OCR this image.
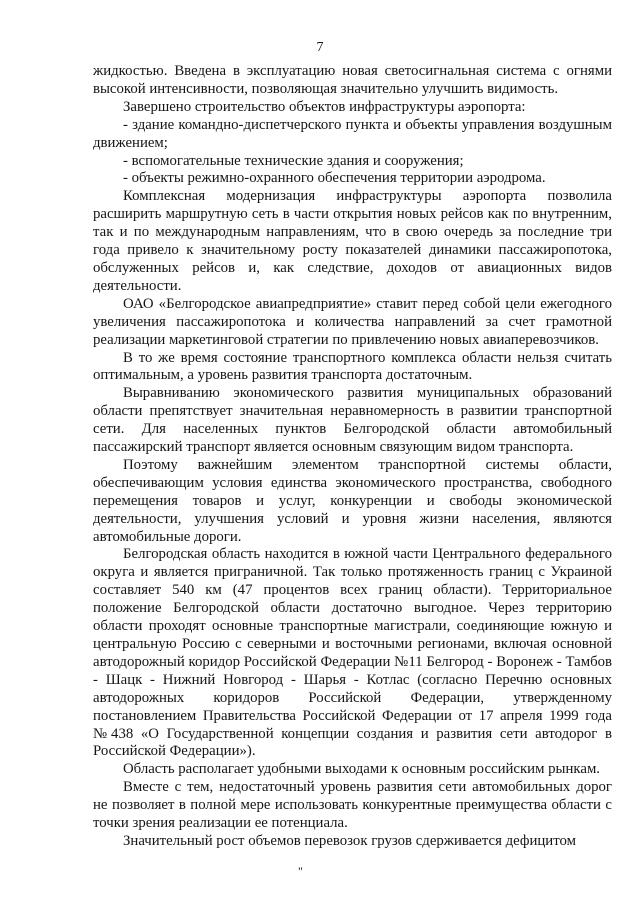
7

жидкостью. Введена в эксплуатацию новая светосигнальная система с огнями высокой интенсивности, позволяющая значительно улучшить видимость.

Завершено строительство объектов инфраструктуры аэропорта:

- здание командно-диспетчерского пункта и объекты управления воздушным движением;

- вспомогательные технические здания и сооружения;

- объекты режимно-охранного обеспечения территории аэродрома.

Комплексная модернизация инфраструктуры аэропорта позволила расширить маршрутную сеть в части открытия новых рейсов как по внутренним, так и по международным направлениям, что в свою очередь за последние три года привело к значительному росту показателей динамики пассажиропотока, обслуженных рейсов и, как следствие, доходов от авиационных видов деятельности.

ОАО «Белгородское авиапредприятие» ставит перед собой цели ежегодного увеличения пассажиропотока и количества направлений за счет грамотной реализации маркетинговой стратегии по привлечению новых авиаперевозчиков.

В то же время состояние транспортного комплекса области нельзя считать оптимальным, а уровень развития транспорта достаточным.

Выравниванию экономического развития муниципальных образований области препятствует значительная неравномерность в развитии транспортной сети. Для населенных пунктов Белгородской области автомобильный пассажирский транспорт является основным связующим видом транспорта.

Поэтому важнейшим элементом транспортной системы области, обеспечивающим условия единства экономического пространства, свободного перемещения товаров и услуг, конкуренции и свободы экономической деятельности, улучшения условий и уровня жизни населения, являются автомобильные дороги.

Белгородская область находится в южной части Центрального федерального округа и является приграничной. Так только протяженность границ с Украиной составляет 540 км (47 процентов всех границ области). Территориальное положение Белгородской области достаточно выгодное. Через территорию области проходят основные транспортные магистрали, соединяющие южную и центральную Россию с северными и восточными регионами, включая основной автодорожный коридор Российской Федерации №11 Белгород - Воронеж - Тамбов - Шацк - Нижний Новгород - Шарья - Котлас (согласно Перечню основных автодорожных коридоров Российской Федерации, утвержденному постановлением Правительства Российской Федерации от 17 апреля 1999 года №438 «О Государственной концепции создания и развития сети автодорог в Российской Федерации»).

Область располагает удобными выходами к основным российским рынкам.

Вместе с тем, недостаточный уровень развития сети автомобильных дорог не позволяет в полной мере использовать конкурентные преимущества области с точки зрения реализации ее потенциала.

Значительный рост объемов перевозок грузов сдерживается дефицитом

"
